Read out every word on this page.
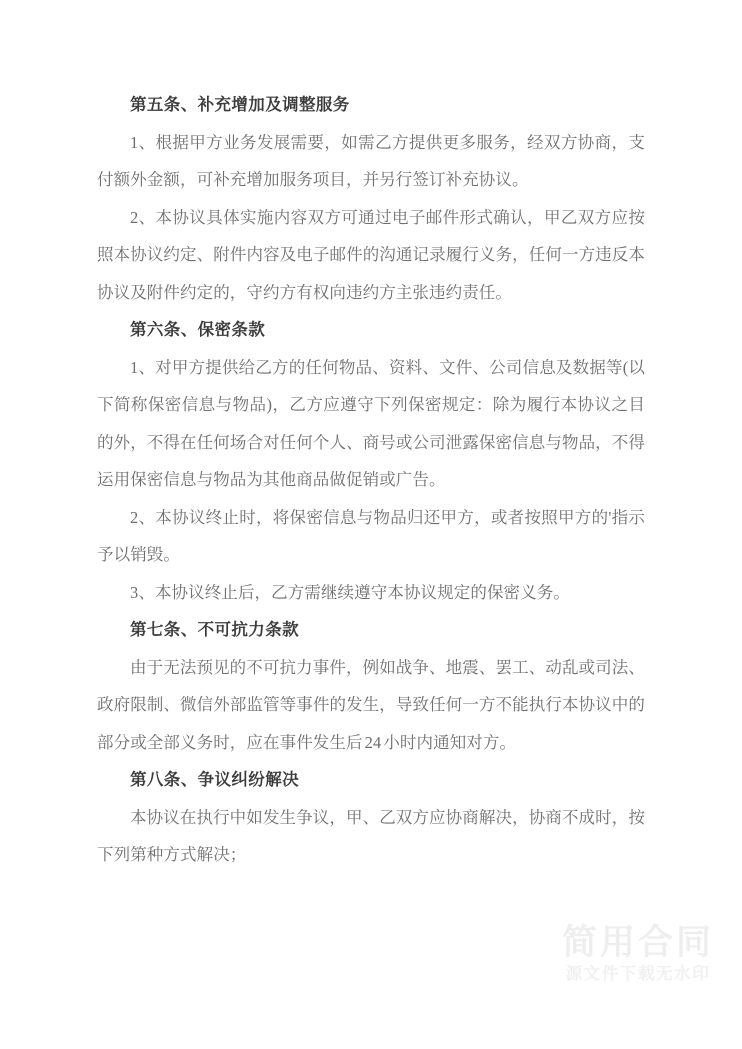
第五条、补充增加及调整服务

1、根据甲方业务发展需要，如需乙方提供更多服务，经双方协商，支付额外金额，可补充增加服务项目，并另行签订补充协议。

2、本协议具体实施内容双方可通过电子邮件形式确认，甲乙双方应按照本协议约定、附件内容及电子邮件的沟通记录履行义务，任何一方违反本协议及附件约定的，守约方有权向违约方主张违约责任。

第六条、保密条款

1、对甲方提供给乙方的任何物品、资料、文件、公司信息及数据等(以下简称保密信息与物品)，乙方应遵守下列保密规定：除为履行本协议之目的外，不得在任何场合对任何个人、商号或公司泄露保密信息与物品，不得运用保密信息与物品为其他商品做促销或广告。

2、本协议终止时，将保密信息与物品归还甲方，或者按照甲方的'指示予以销毁。

3、本协议终止后，乙方需继续遵守本协议规定的保密义务。

第七条、不可抗力条款

由于无法预见的不可抗力事件，例如战争、地震、罢工、动乱或司法、政府限制、微信外部监管等事件的发生，导致任何一方不能执行本协议中的部分或全部义务时，应在事件发生后 24 小时内通知对方。

第八条、争议纠纷解决

本协议在执行中如发生争议，甲、乙双方应协商解决，协商不成时，按下列第种方式解决；

简用合同
源文件下载无水印
